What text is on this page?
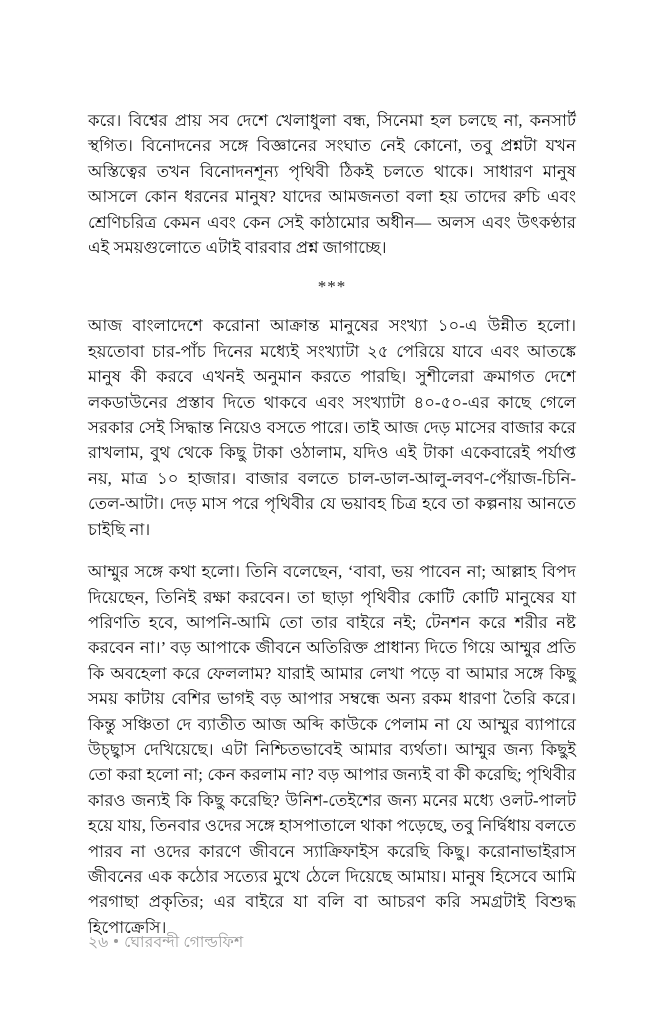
করে। বিশ্বের প্রায় সব দেশে খেলাধুলা বন্ধ, সিনেমা হল চলছে না, কনসার্ট স্থগিত। বিনোদনের সঙ্গে বিজ্ঞানের সংঘাত নেই কোনো, তবু প্রশ্নটা যখন অস্তিত্বের তখন বিনোদনশূন্য পৃথিবী ঠিকই চলতে থাকে। সাধারণ মানুষ আসলে কোন ধরনের মানুষ? যাদের আমজনতা বলা হয় তাদের রুচি এবং শ্রেণিচরিত্র কেমন এবং কেন সেই কাঠামোর অধীন— অলস এবং উৎকণ্ঠার এই সময়গুলোতে এটাই বারবার প্রশ্ন জাগাচ্ছে।

***

আজ বাংলাদেশে করোনা আক্রান্ত মানুষের সংখ্যা ১০-এ উন্নীত হলো। হয়তোবা চার-পাঁচ দিনের মধ্যেই সংখ্যাটা ২৫ পেরিয়ে যাবে এবং আতঙ্কে মানুষ কী করবে এখনই অনুমান করতে পারছি। সুশীলেরা ক্রমাগত দেশে লকডাউনের প্রস্তাব দিতে থাকবে এবং সংখ্যাটা ৪০-৫০-এর কাছে গেলে সরকার সেই সিদ্ধান্ত নিয়েও বসতে পারে। তাই আজ দেড় মাসের বাজার করে রাখলাম, বুথ থেকে কিছু টাকা ওঠালাম, যদিও এই টাকা একেবারেই পর্যাপ্ত নয়, মাত্র ১০ হাজার। বাজার বলতে চাল-ডাল-আলু-লবণ-পেঁয়াজ-চিনি-তেল-আটা। দেড় মাস পরে পৃথিবীর যে ভয়াবহ চিত্র হবে তা কল্পনায় আনতে চাইছি না।

আম্মুর সঙ্গে কথা হলো। তিনি বলেছেন, ‘বাবা, ভয় পাবেন না; আল্লাহ বিপদ দিয়েছেন, তিনিই রক্ষা করবেন। তা ছাড়া পৃথিবীর কোটি কোটি মানুষের যা পরিণতি হবে, আপনি-আমি তো তার বাইরে নই; টেনশন করে শরীর নষ্ট করবেন না।’ বড় আপাকে জীবনে অতিরিক্ত প্রাধান্য দিতে গিয়ে আম্মুর প্রতি কি অবহেলা করে ফেললাম? যারাই আমার লেখা পড়ে বা আমার সঙ্গে কিছু সময় কাটায় বেশির ভাগই বড় আপার সম্বন্ধে অন্য রকম ধারণা তৈরি করে। কিন্তু সঞ্চিতা দে ব্যাতীত আজ অব্দি কাউকে পেলাম না যে আম্মুর ব্যাপারে উচ্ছ্বাস দেখিয়েছে। এটা নিশ্চিতভাবেই আমার ব্যর্থতা। আম্মুর জন্য কিছুই তো করা হলো না; কেন করলাম না? বড় আপার জন্যই বা কী করেছি; পৃথিবীর কারও জন্যই কি কিছু করেছি? উনিশ-তেইশের জন্য মনের মধ্যে ওলট-পালট হয়ে যায়, তিনবার ওদের সঙ্গে হাসপাতালে থাকা পড়েছে, তবু নির্দ্বিধায় বলতে পারব না ওদের কারণে জীবনে স্যাক্রিফাইস করেছি কিছু। করোনাভাইরাস জীবনের এক কঠোর সত্যের মুখে ঠেলে দিয়েছে আমায়। মানুষ হিসেবে আমি পরগাছা প্রকৃতির; এর বাইরে যা বলি বা আচরণ করি সমগ্রটাই বিশুদ্ধ হিপোক্রেসি।

২৬ ঘোরবন্দী গোল্ডফিশ
